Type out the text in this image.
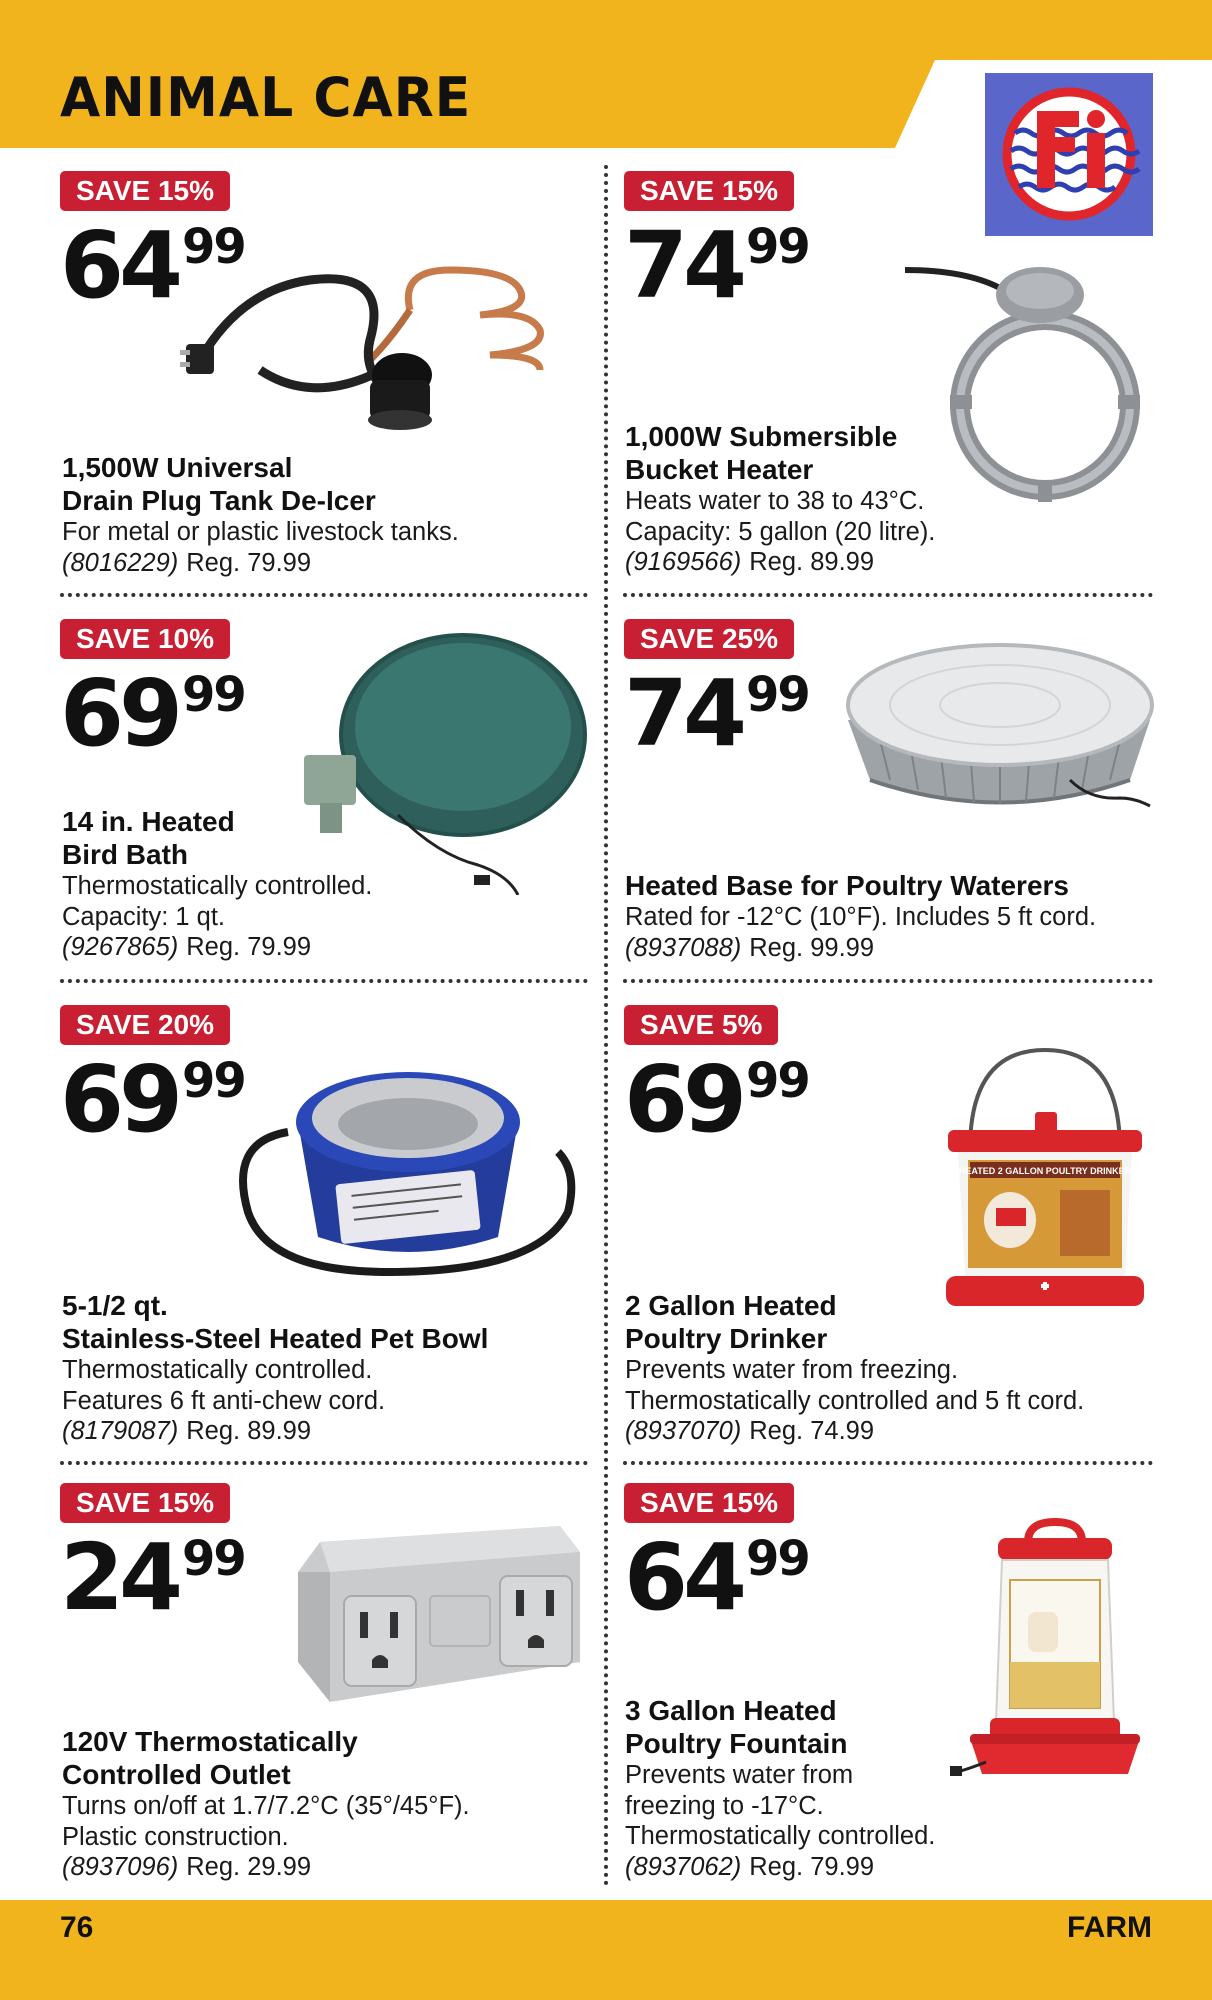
ANIMAL CARE
SAVE 15%
6499
1,500W Universal
Drain Plug Tank De-Icer
For metal or plastic livestock tanks.
(8016229) Reg. 79.99
SAVE 15%
7499
1,000W Submersible
Bucket Heater
Heats water to 38 to 43°C.
Capacity: 5 gallon (20 litre).
(9169566) Reg. 89.99
SAVE 10%
6999
14 in. Heated
Bird Bath
Thermostatically controlled.
Capacity: 1 qt.
(9267865) Reg. 79.99
SAVE 25%
7499
Heated Base for Poultry Waterers
Rated for -12°C (10°F). Includes 5 ft cord.
(8937088) Reg. 99.99
SAVE 20%
6999
5-1/2 qt.
Stainless-Steel Heated Pet Bowl
Thermostatically controlled.
Features 6 ft anti-chew cord.
(8179087) Reg. 89.99
SAVE 5%
6999
HEATED 2 GALLON POULTRY DRINKER
2 Gallon Heated
Poultry Drinker
Prevents water from freezing.
Thermostatically controlled and 5 ft cord.
(8937070) Reg. 74.99
SAVE 15%
2499
120V Thermostatically
Controlled Outlet
Turns on/off at 1.7/7.2°C (35°/45°F).
Plastic construction.
(8937096) Reg. 29.99
SAVE 15%
6499
3 Gallon Heated
Poultry Fountain
Prevents water from
freezing to -17°C.
Thermostatically controlled.
(8937062) Reg. 79.99
76	FARM
